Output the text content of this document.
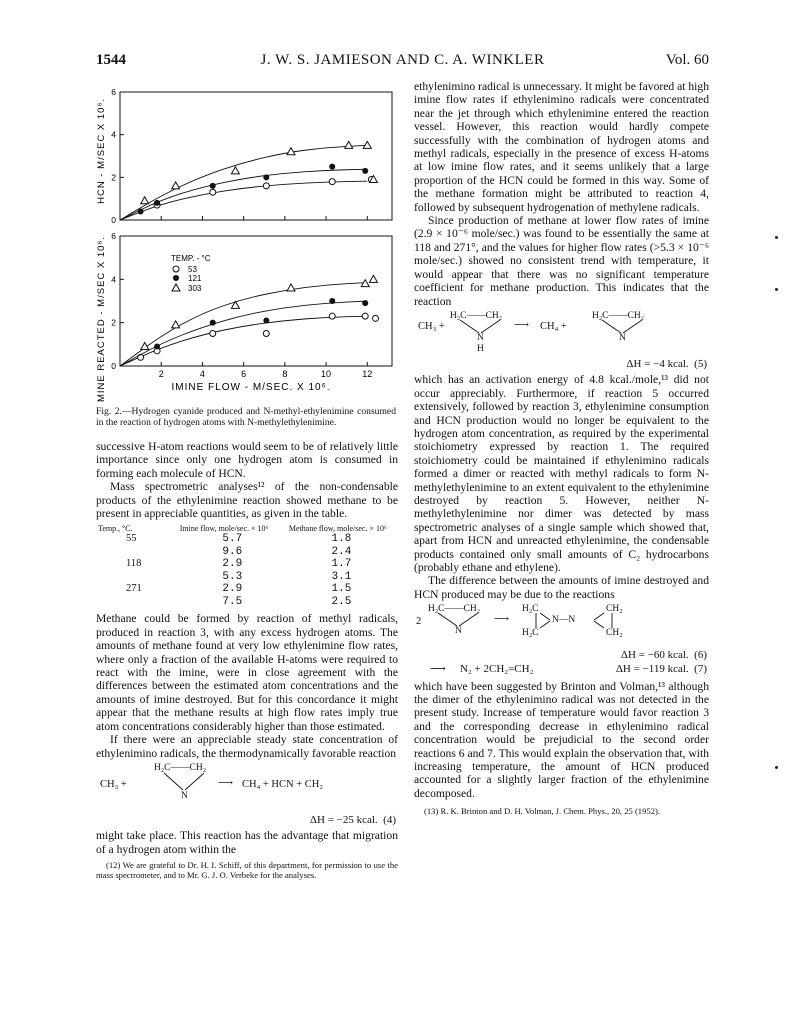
1544	J. W. S. JAMIESON AND C. A. WINKLER	Vol. 60
0
2
4
6
0
2
4
6
2	4	6	8	10	12
HCN - M/SEC X 10⁶.
IMINE REACTED - M/SEC X 10⁶.	IMINE FLOW - M/SEC. X 10⁶.
TEMP. - °C
53
121
303

Fig. 2.—Hydrogen cyanide produced and N-methyl-ethylenimine consumed in the reaction of hydrogen atoms with N-methylethylenimine.

successive H-atom reactions would seem to be of relatively little importance since only one hydrogen atom is consumed in forming each molecule of HCN.

Mass spectrometric analyses¹² of the non-condensable products of the ethylenimine reaction showed methane to be present in appreciable quantities, as given in the table.

Temp., °C.	Imine flow, mole/sec. × 10⁶	Methane flow, mole/sec. × 10⁶
55	5.7	1.8
	9.6	2.4
118	2.9	1.7
	5.3	3.1
271	2.9	1.5
	7.5	2.5

Methane could be formed by reaction of methyl radicals, produced in reaction 3, with any excess hydrogen atoms. The amounts of methane found at very low ethylenimine flow rates, where only a fraction of the available H-atoms were required to react with the imine, were in close agreement with the differences between the estimated atom concentrations and the amounts of imine destroyed. But for this concordance it might appear that the methane results at high flow rates imply true atom concentrations considerably higher than those estimated.

If there were an appreciable steady state concentration of ethylenimino radicals, the thermodynamically favorable reaction

CH₃ +
H₂C——CH₂
N
⟶ CH₄ + HCN + CH₂
ΔH = −25 kcal. (4)

might take place. This reaction has the advantage that migration of a hydrogen atom within the

(12) We are grateful to Dr. H. I. Schiff, of this department, for permission to use the mass spectrometer, and to Mr. G. J. O. Verbeke for the analyses.

ethylenimino radical is unnecessary. It might be favored at high imine flow rates if ethylenimino radicals were concentrated near the jet through which ethylenimine entered the reaction vessel. However, this reaction would hardly compete successfully with the combination of hydrogen atoms and methyl radicals, especially in the presence of excess H-atoms at low imine flow rates, and it seems unlikely that a large proportion of the HCN could be formed in this way. Some of the methane formation might be attributed to reaction 4, followed by subsequent hydrogenation of methylene radicals.

Since production of methane at lower flow rates of imine (2.9 × 10⁻⁶ mole/sec.) was found to be essentially the same at 118 and 271°, and the values for higher flow rates (>5.3 × 10⁻⁶ mole/sec.) showed no consistent trend with temperature, it would appear that there was no significant temperature coefficient for methane production. This indicates that the reaction

CH₃ +
H₂C——CH₂
N
H
⟶ CH₄ +
H₂C——CH₂
N
ΔH = −4 kcal. (5)

which has an activation energy of 4.8 kcal./mole,¹³ did not occur appreciably. Furthermore, if reaction 5 occurred extensively, followed by reaction 3, ethylenimine consumption and HCN production would no longer be equivalent to the hydrogen atom concentration, as required by the experimental stoichiometry expressed by reaction 1. The required stoichiometry could be maintained if ethylenimino radicals formed a dimer or reacted with methyl radicals to form N-methylethylenimine to an extent equivalent to the ethylenimine destroyed by reaction 5. However, neither N-methylethylenimine nor dimer was detected by mass spectrometric analyses of a single sample which showed that, apart from HCN and unreacted ethylenimine, the condensable products contained only small amounts of C₂ hydrocarbons (probably ethane and ethylene).

The difference between the amounts of imine destroyed and HCN produced may be due to the reactions

2
H₂C——CH₂
N
⟶
H₂C
H₂C
N—N
CH₂
CH₂
ΔH = −60 kcal. (6)
⟶ N₂ + 2CH₂=CH₂	ΔH = −119 kcal. (7)

which have been suggested by Brinton and Volman,¹³ although the dimer of the ethylenimino radical was not detected in the present study. Increase of temperature would favor reaction 3 and the corresponding decrease in ethylenimino radical concentration would be prejudicial to the second order reactions 6 and 7. This would explain the observation that, with increasing temperature, the amount of HCN produced accounted for a slightly larger fraction of the ethylenimine decomposed.

(13) R. K. Brinton and D. H. Volman, J. Chem. Phys., 20, 25 (1952).
